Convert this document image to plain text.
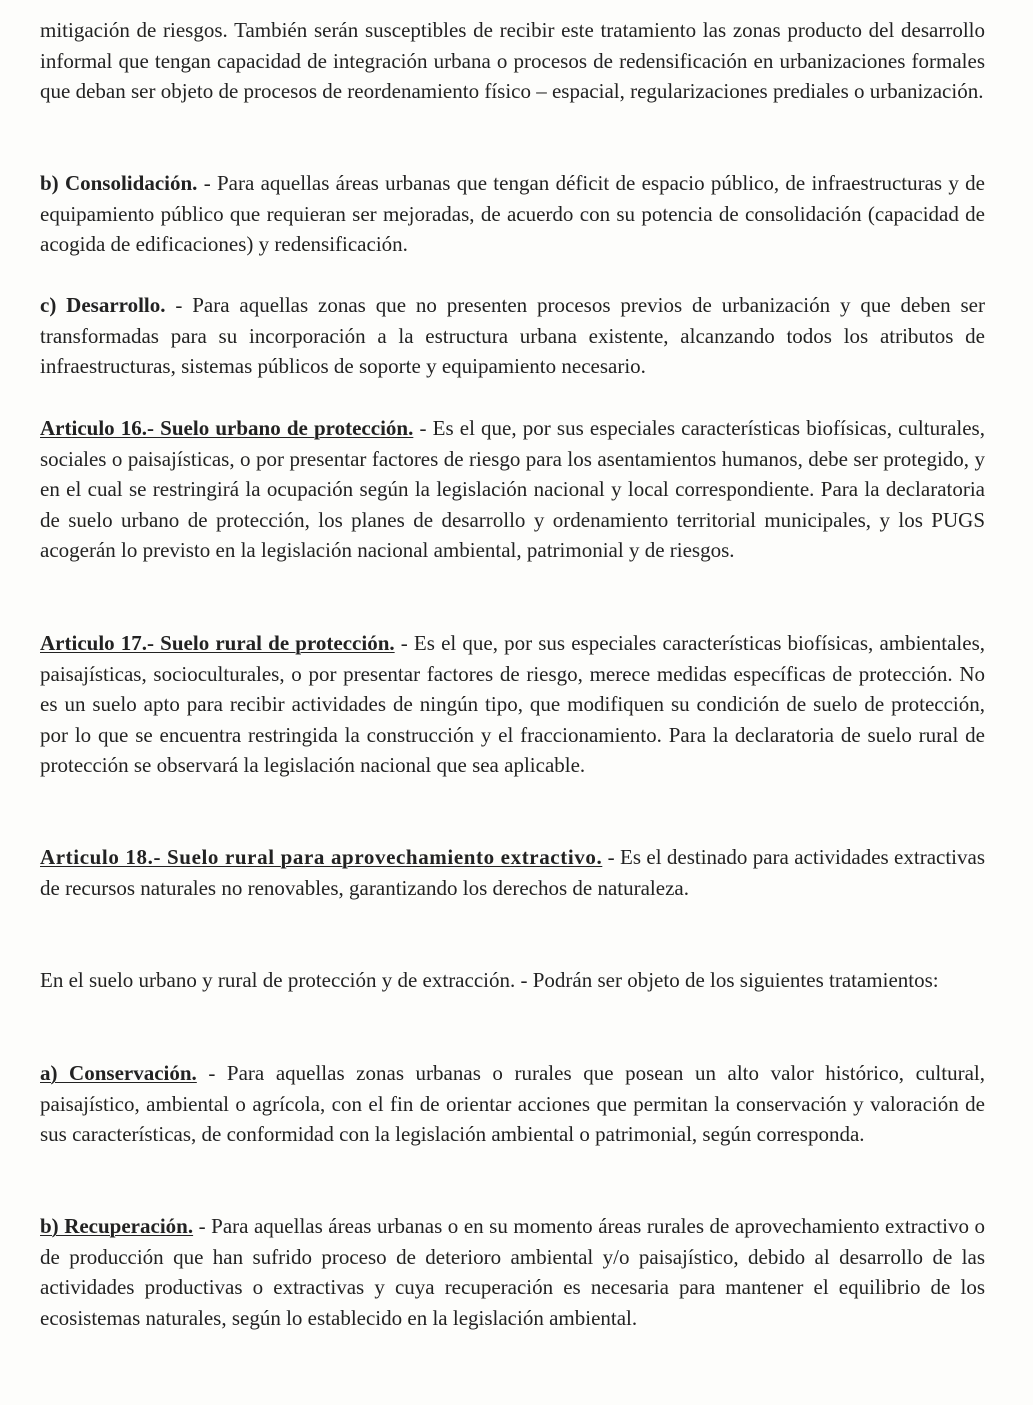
mitigación de riesgos. También serán susceptibles de recibir este tratamiento las zonas producto del desarrollo informal que tengan capacidad de integración urbana o procesos de redensificación en urbanizaciones formales que deban ser objeto de procesos de reordenamiento físico – espacial, regularizaciones prediales o urbanización.

b) Consolidación. - Para aquellas áreas urbanas que tengan déficit de espacio público, de infraestructuras y de equipamiento público que requieran ser mejoradas, de acuerdo con su potencia de consolidación (capacidad de acogida de edificaciones) y redensificación.

c) Desarrollo. - Para aquellas zonas que no presenten procesos previos de urbanización y que deben ser transformadas para su incorporación a la estructura urbana existente, alcanzando todos los atributos de infraestructuras, sistemas públicos de soporte y equipamiento necesario.

Articulo 16.- Suelo urbano de protección. - Es el que, por sus especiales características biofísicas, culturales, sociales o paisajísticas, o por presentar factores de riesgo para los asentamientos humanos, debe ser protegido, y en el cual se restringirá la ocupación según la legislación nacional y local correspondiente. Para la declaratoria de suelo urbano de protección, los planes de desarrollo y ordenamiento territorial municipales, y los PUGS acogerán lo previsto en la legislación nacional ambiental, patrimonial y de riesgos.

Articulo 17.- Suelo rural de protección. - Es el que, por sus especiales características biofísicas, ambientales, paisajísticas, socioculturales, o por presentar factores de riesgo, merece medidas específicas de protección. No es un suelo apto para recibir actividades de ningún tipo, que modifiquen su condición de suelo de protección, por lo que se encuentra restringida la construcción y el fraccionamiento. Para la declaratoria de suelo rural de protección se observará la legislación nacional que sea aplicable.

Articulo 18.- Suelo rural para aprovechamiento extractivo. - Es el destinado para actividades extractivas de recursos naturales no renovables, garantizando los derechos de naturaleza.

En el suelo urbano y rural de protección y de extracción. - Podrán ser objeto de los siguientes tratamientos:

a) Conservación. - Para aquellas zonas urbanas o rurales que posean un alto valor histórico, cultural, paisajístico, ambiental o agrícola, con el fin de orientar acciones que permitan la conservación y valoración de sus características, de conformidad con la legislación ambiental o patrimonial, según corresponda.

b) Recuperación. - Para aquellas áreas urbanas o en su momento áreas rurales de aprovechamiento extractivo o de producción que han sufrido proceso de deterioro ambiental y/o paisajístico, debido al desarrollo de las actividades productivas o extractivas y cuya recuperación es necesaria para mantener el equilibrio de los ecosistemas naturales, según lo establecido en la legislación ambiental.
